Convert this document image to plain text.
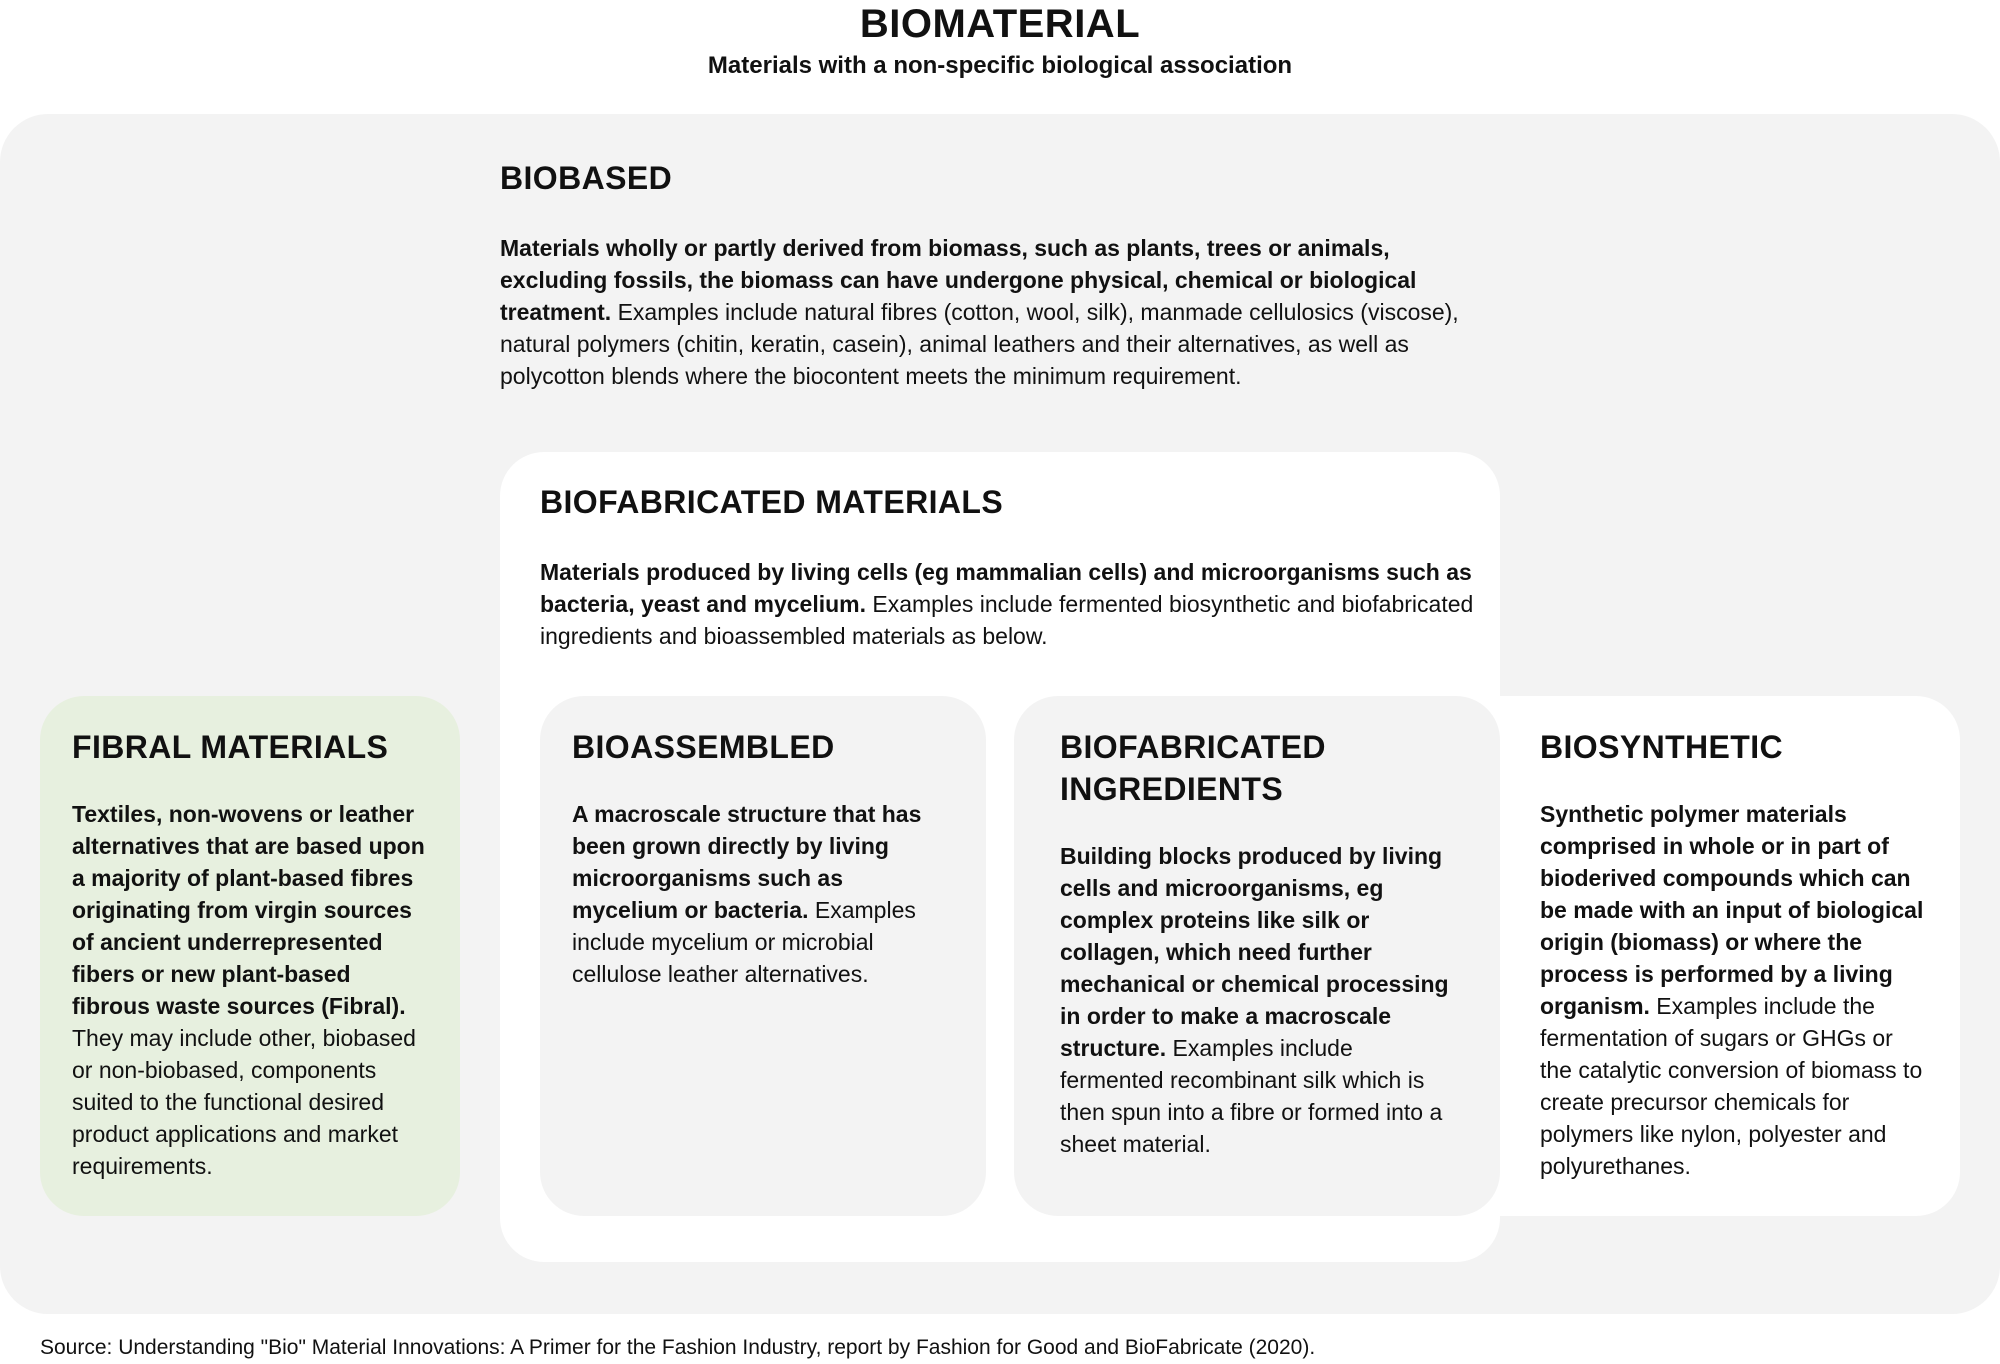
BIOMATERIAL

Materials with a non-specific biological association

BIOBASED

Materials wholly or partly derived from biomass, such as plants, trees or animals, excluding fossils, the biomass can have undergone physical, chemical or biological treatment. Examples include natural fibres (cotton, wool, silk), manmade cellulosics (viscose), natural polymers (chitin, keratin, casein), animal leathers and their alternatives, as well as polycotton blends where the biocontent meets the minimum requirement.

BIOFABRICATED MATERIALS

Materials produced by living cells (eg mammalian cells) and microorganisms such as bacteria, yeast and mycelium. Examples include fermented biosynthetic and biofabricated ingredients and bioassembled materials as below.

FIBRAL MATERIALS

Textiles, non-wovens or leather alternatives that are based upon a majority of plant-based fibres originating from virgin sources of ancient underrepresented fibers or new plant-based fibrous waste sources (Fibral). They may include other, biobased or non-biobased, components suited to the functional desired product applications and market requirements.

BIOASSEMBLED

A macroscale structure that has been grown directly by living microorganisms such as mycelium or bacteria. Examples include mycelium or microbial cellulose leather alternatives.

BIOFABRICATED INGREDIENTS

Building blocks produced by living cells and microorganisms, eg complex proteins like silk or collagen, which need further mechanical or chemical processing in order to make a macroscale structure. Examples include fermented recombinant silk which is then spun into a fibre or formed into a sheet material.

BIOSYNTHETIC

Synthetic polymer materials comprised in whole or in part of bioderived compounds which can be made with an input of biological origin (biomass) or where the process is performed by a living organism. Examples include the fermentation of sugars or GHGs or the catalytic conversion of biomass to create precursor chemicals for polymers like nylon, polyester and polyurethanes.

Source: Understanding "Bio" Material Innovations: A Primer for the Fashion Industry, report by Fashion for Good and BioFabricate (2020).
